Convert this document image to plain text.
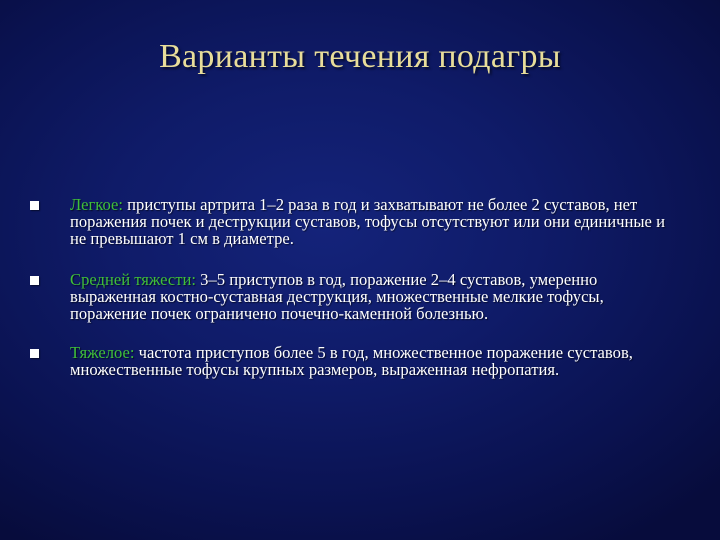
Варианты течения подагры
Легкое: приступы артрита 1–2 раза в год и захватывают не более 2 суставов, нет поражения почек и деструкции суставов, тофусы отсутствуют или они единичные и не превышают 1 см в диаметре.
Средней тяжести: 3–5 приступов в год, поражение 2–4 суставов, умеренно выраженная костно-суставная деструкция, множественные мелкие тофусы, поражение почек ограничено почечно-каменной болезнью.
Тяжелое: частота приступов более 5 в год, множественное поражение суставов, множественные тофусы крупных размеров, выраженная нефропатия.
